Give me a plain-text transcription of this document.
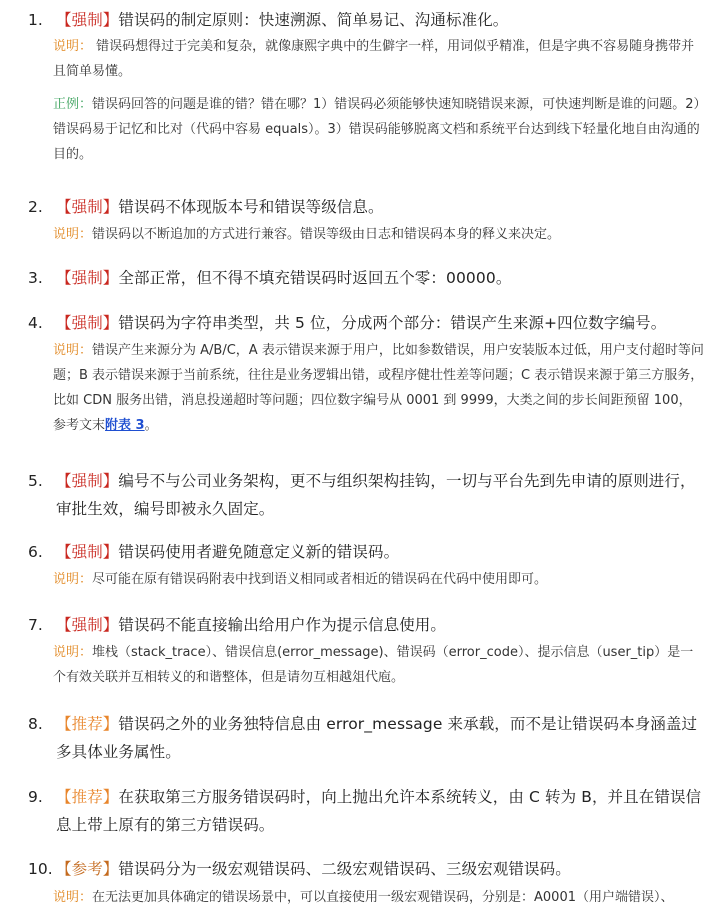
1. 【强制】错误码的制定原则：快速溯源、简单易记、沟通标准化。
说明： 错误码想得过于完美和复杂，就像康熙字典中的生僻字一样，用词似乎精准，但是字典不容易随身携带并且简单易懂。
正例：错误码回答的问题是谁的错？错在哪？1）错误码必须能够快速知晓错误来源，可快速判断是谁的问题。2）错误码易于记忆和比对（代码中容易 equals）。3）错误码能够脱离文档和系统平台达到线下轻量化地自由沟通的目的。
2. 【强制】错误码不体现版本号和错误等级信息。
说明：错误码以不断追加的方式进行兼容。错误等级由日志和错误码本身的释义来决定。
3. 【强制】全部正常，但不得不填充错误码时返回五个零：00000。
4. 【强制】错误码为字符串类型，共 5 位，分成两个部分：错误产生来源+四位数字编号。
说明：错误产生来源分为 A/B/C，A 表示错误来源于用户，比如参数错误，用户安装版本过低，用户支付超时等问题；B 表示错误来源于当前系统，往往是业务逻辑出错，或程序健壮性差等问题；C 表示错误来源于第三方服务，比如 CDN 服务出错，消息投递超时等问题；四位数字编号从 0001 到 9999，大类之间的步长间距预留 100，参考文末附表 3。
5. 【强制】编号不与公司业务架构，更不与组织架构挂钩，一切与平台先到先申请的原则进行，审批生效，编号即被永久固定。
6. 【强制】错误码使用者避免随意定义新的错误码。
说明：尽可能在原有错误码附表中找到语义相同或者相近的错误码在代码中使用即可。
7. 【强制】错误码不能直接输出给用户作为提示信息使用。
说明：堆栈（stack_trace）、错误信息(error_message)、错误码（error_code）、提示信息（user_tip）是一个有效关联并互相转义的和谐整体，但是请勿互相越俎代庖。
8. 【推荐】错误码之外的业务独特信息由 error_message 来承载，而不是让错误码本身涵盖过多具体业务属性。
9. 【推荐】在获取第三方服务错误码时，向上抛出允许本系统转义，由 C 转为 B，并且在错误信息上带上原有的第三方错误码。
10. 【参考】错误码分为一级宏观错误码、二级宏观错误码、三级宏观错误码。
说明：在无法更加具体确定的错误场景中，可以直接使用一级宏观错误码，分别是：A0001（用户端错误）、
